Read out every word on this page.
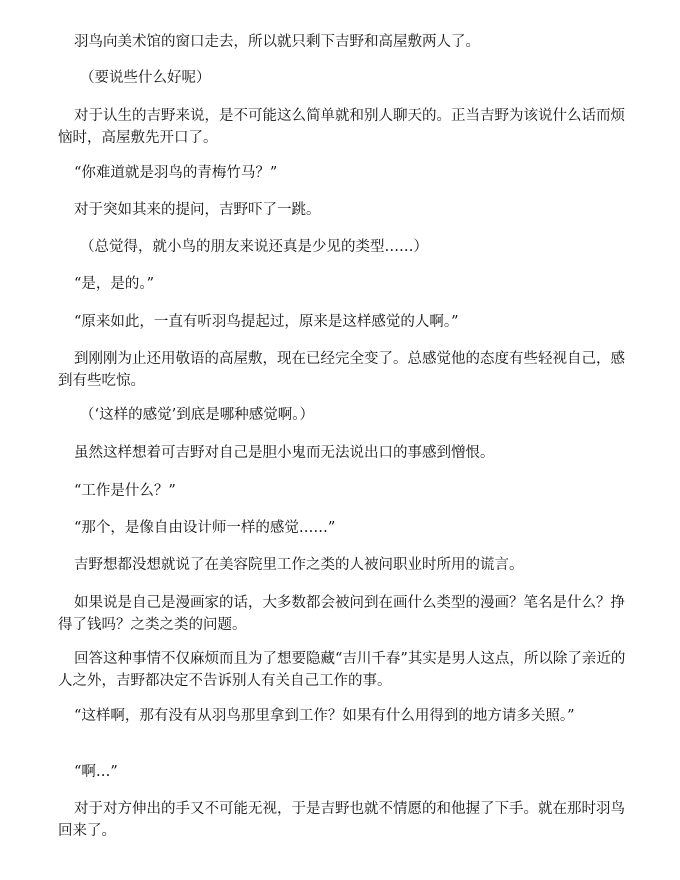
羽鸟向美术馆的窗口走去，所以就只剩下吉野和高屋敷两人了。

（要说些什么好呢）

对于认生的吉野来说，是不可能这么简单就和别人聊天的。正当吉野为该说什么话而烦恼时，高屋敷先开口了。

“你难道就是羽鸟的青梅竹马？”

对于突如其来的提问，吉野吓了一跳。

（总觉得，就小鸟的朋友来说还真是少见的类型……）

“是，是的。”

“原来如此，一直有听羽鸟提起过，原来是这样感觉的人啊。”

到刚刚为止还用敬语的高屋敷，现在已经完全变了。总感觉他的态度有些轻视自己，感到有些吃惊。

（‘这样的感觉’到底是哪种感觉啊。）

虽然这样想着可吉野对自己是胆小鬼而无法说出口的事感到憎恨。

“工作是什么？”

“那个，是像自由设计师一样的感觉……”

吉野想都没想就说了在美容院里工作之类的人被问职业时所用的谎言。

如果说是自己是漫画家的话，大多数都会被问到在画什么类型的漫画？笔名是什么？挣得了钱吗？之类之类的问题。

回答这种事情不仅麻烦而且为了想要隐藏“吉川千春”其实是男人这点，所以除了亲近的人之外，吉野都决定不告诉别人有关自己工作的事。

“这样啊，那有没有从羽鸟那里拿到工作？如果有什么用得到的地方请多关照。”

“啊…”

对于对方伸出的手又不可能无视，于是吉野也就不情愿的和他握了下手。就在那时羽鸟回来了。
